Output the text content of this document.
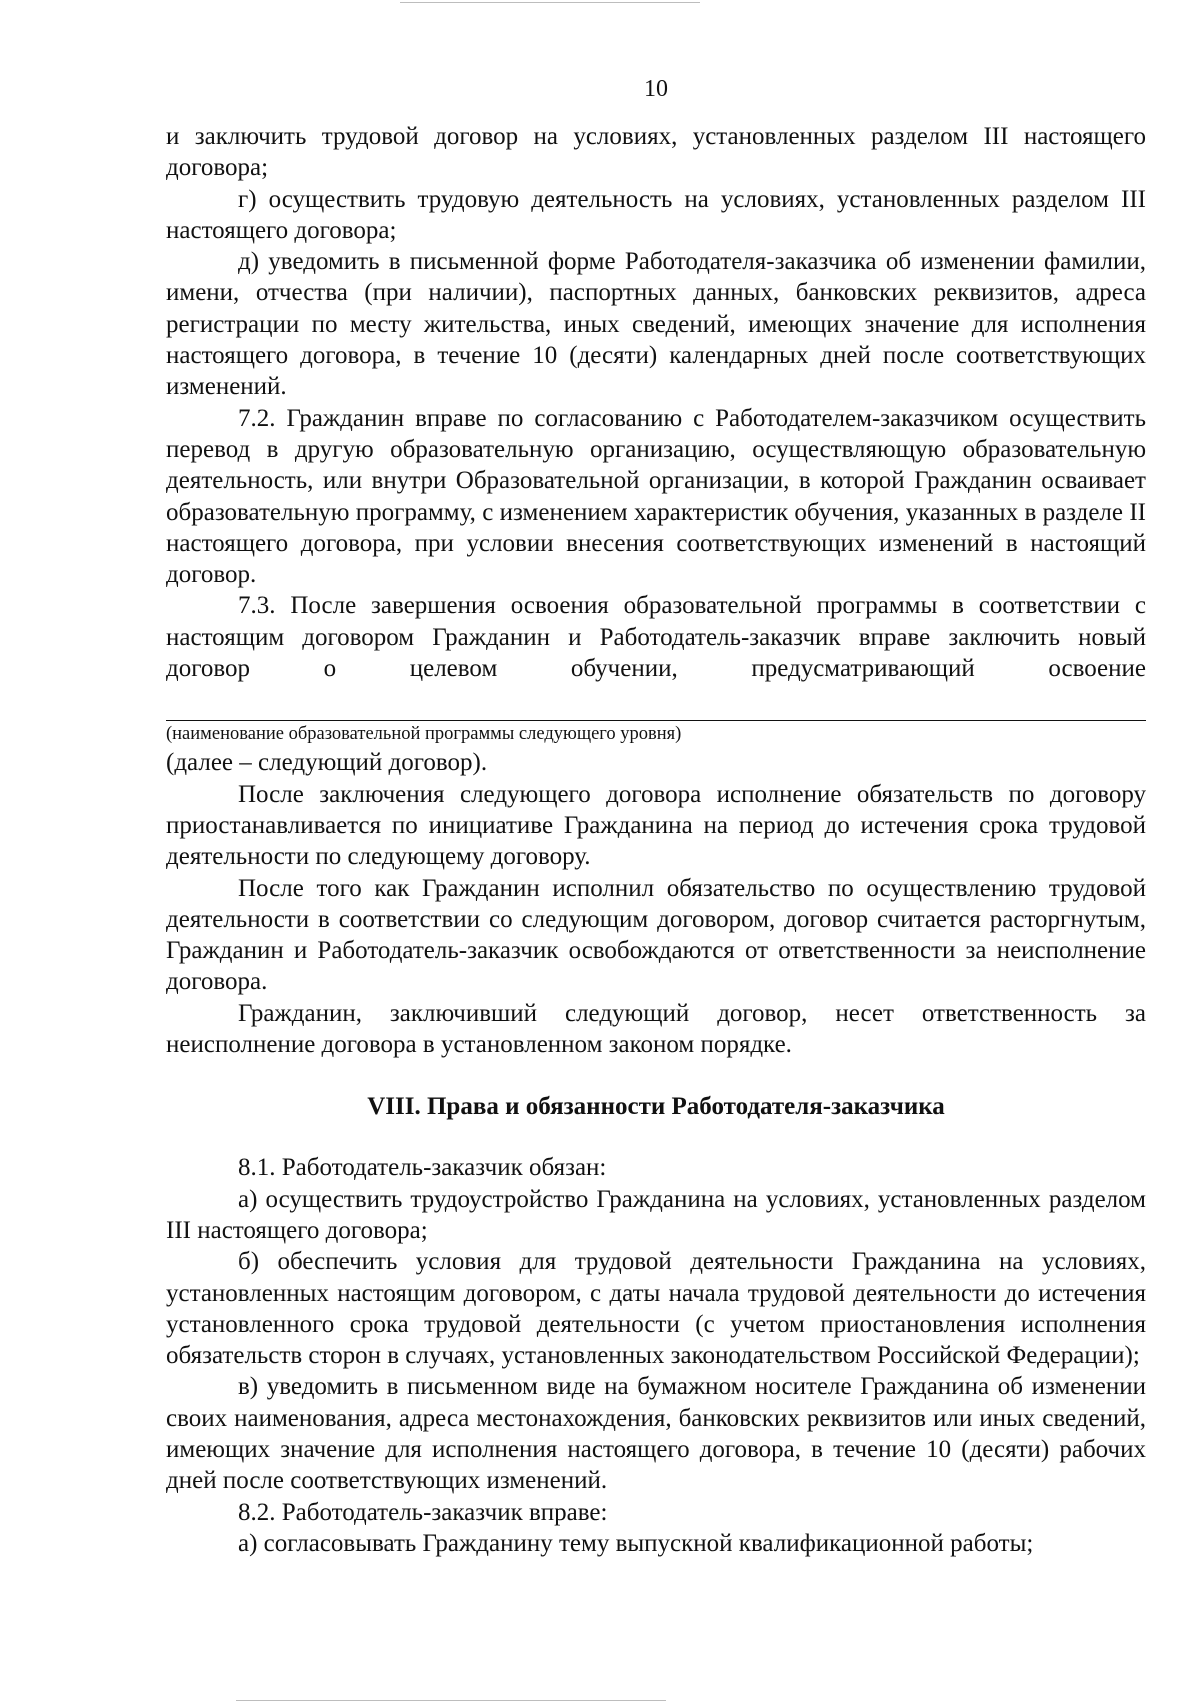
10

и заключить трудовой договор на условиях, установленных разделом III настоящего договора;

г) осуществить трудовую деятельность на условиях, установленных разделом III настоящего договора;

д) уведомить в письменной форме Работодателя-заказчика об изменении фамилии, имени, отчества (при наличии), паспортных данных, банковских реквизитов, адреса регистрации по месту жительства, иных сведений, имеющих значение для исполнения настоящего договора, в течение 10 (десяти) календарных дней после соответствующих изменений.

7.2. Гражданин вправе по согласованию с Работодателем-заказчиком осуществить перевод в другую образовательную организацию, осуществляющую образовательную деятельность, или внутри Образовательной организации, в которой Гражданин осваивает образовательную программу, с изменением характеристик обучения, указанных в разделе II настоящего договора, при условии внесения соответствующих изменений в настоящий договор.

7.3. После завершения освоения образовательной программы в соответствии с настоящим договором Гражданин и Работодатель-заказчик вправе заключить новый договор о целевом обучении, предусматривающий освоение

(наименование образовательной программы следующего уровня)

(далее – следующий договор).

После заключения следующего договора исполнение обязательств по договору приостанавливается по инициативе Гражданина на период до истечения срока трудовой деятельности по следующему договору.

После того как Гражданин исполнил обязательство по осуществлению трудовой деятельности в соответствии со следующим договором, договор считается расторгнутым, Гражданин и Работодатель-заказчик освобождаются от ответственности за неисполнение договора.

Гражданин, заключивший следующий договор, несет ответственность за неисполнение договора в установленном законом порядке.

VIII. Права и обязанности Работодателя-заказчика

8.1. Работодатель-заказчик обязан:

а) осуществить трудоустройство Гражданина на условиях, установленных разделом III настоящего договора;

б) обеспечить условия для трудовой деятельности Гражданина на условиях, установленных настоящим договором, с даты начала трудовой деятельности до истечения установленного срока трудовой деятельности (с учетом приостановления исполнения обязательств сторон в случаях, установленных законодательством Российской Федерации);

в) уведомить в письменном виде на бумажном носителе Гражданина об изменении своих наименования, адреса местонахождения, банковских реквизитов или иных сведений, имеющих значение для исполнения настоящего договора, в течение 10 (десяти) рабочих дней после соответствующих изменений.

8.2. Работодатель-заказчик вправе:

а) согласовывать Гражданину тему выпускной квалификационной работы;
